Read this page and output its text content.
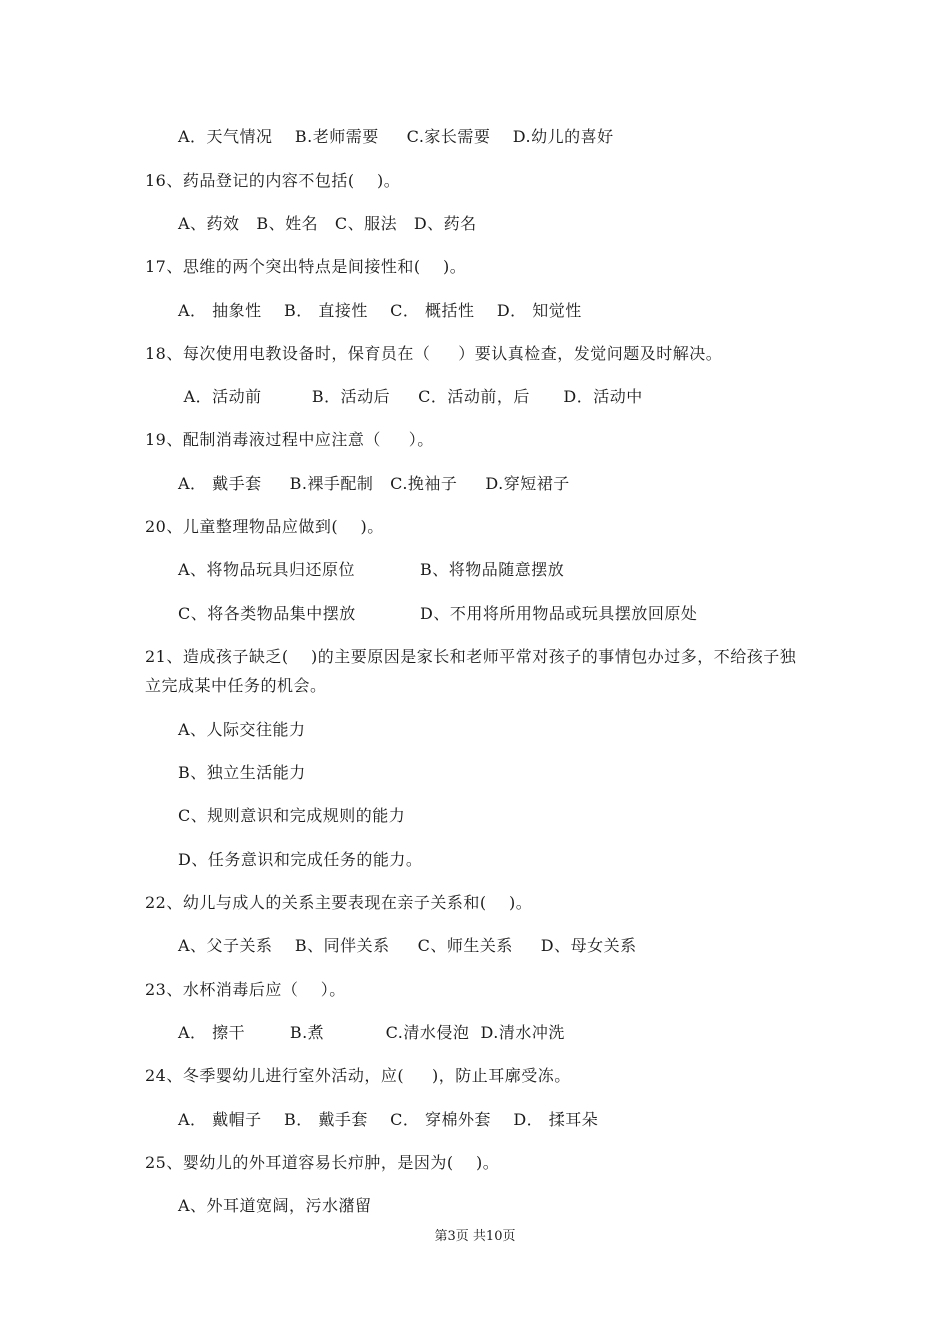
A．天气情况    B.老师需要     C.家长需要    D.幼儿的喜好
16、药品登记的内容不包括(    )。
A、药效   B、姓名   C、服法   D、药名
17、思维的两个突出特点是间接性和(    )。
A． 抽象性    B． 直接性    C． 概括性    D． 知觉性
18、每次使用电教设备时，保育员在（     ）要认真检查，发觉问题及时解决。
A．活动前         B．活动后     C．活动前，后      D．活动中
19、配制消毒液过程中应注意（     ）。
A． 戴手套     B.裸手配制   C.挽袖子     D.穿短裙子
20、儿童整理物品应做到(    )。
A、将物品玩具归还原位	B、将物品随意摆放
C、将各类物品集中摆放	D、不用将所用物品或玩具摆放回原处
21、造成孩子缺乏(    )的主要原因是家长和老师平常对孩子的事情包办过多，不给孩子独
立完成某中任务的机会。
A、人际交往能力
B、独立生活能力
C、规则意识和完成规则的能力
D、任务意识和完成任务的能力。
22、幼儿与成人的关系主要表现在亲子关系和(    )。
A、父子关系    B、同伴关系     C、师生关系     D、母女关系
23、水杯消毒后应（    ）。
A． 擦干        B.煮           C.清水侵泡  D.清水冲洗
24、冬季婴幼儿进行室外活动，应(     )，防止耳廓受冻。
A． 戴帽子    B． 戴手套    C． 穿棉外套    D． 揉耳朵
25、婴幼儿的外耳道容易长疖肿，是因为(    )。
A、外耳道宽阔，污水潴留
第3页 共10页
